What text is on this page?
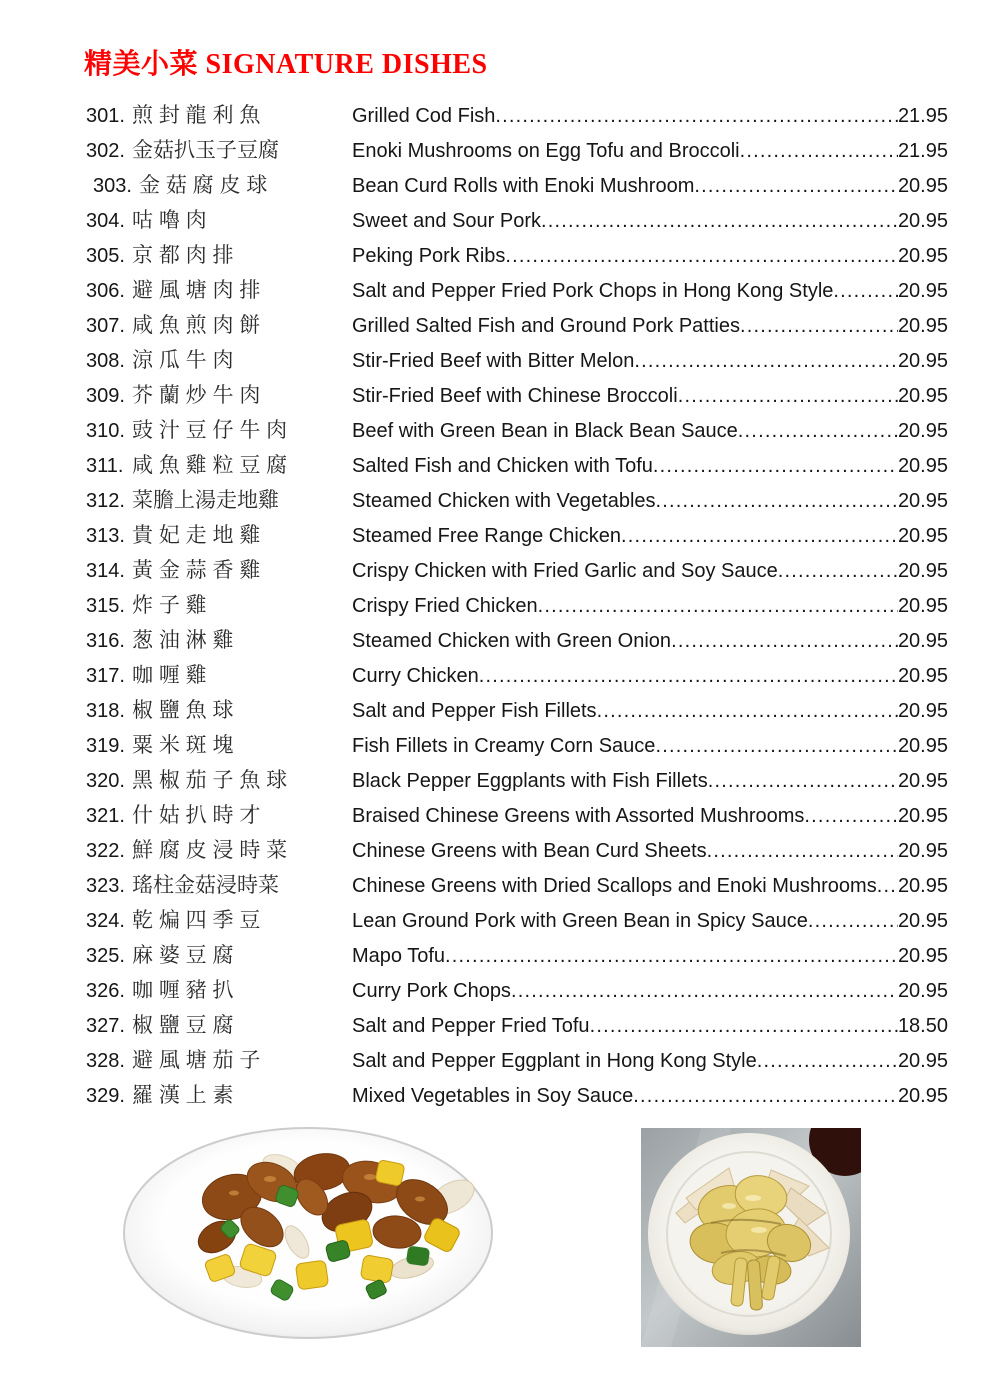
精美小菜 SIGNATURE DISHES
301. 煎 封 龍 利 魚	Grilled Cod Fish .....	21.95
302. 金菇扒玉子豆腐	Enoki Mushrooms on Egg Tofu and Broccoli .....	21.95
303. 金 菇 腐 皮 球	Bean Curd Rolls with Enoki Mushroom .....	20.95
304. 咕 嚕 肉	Sweet and Sour Pork .....	20.95
305. 京 都 肉 排	Peking Pork Ribs .....	20.95
306. 避 風 塘 肉 排	Salt and Pepper Fried Pork Chops in Hong Kong Style .....	20.95
307. 咸 魚 煎 肉 餅	Grilled Salted Fish and Ground Pork Patties .....	20.95
308. 涼 瓜 牛 肉	Stir-Fried Beef with Bitter Melon .....	20.95
309. 芥 蘭 炒 牛 肉	Stir-Fried Beef with Chinese Broccoli .....	20.95
310. 豉 汁 豆 仔 牛 肉	Beef with Green Bean in Black Bean Sauce .....	20.95
311. 咸 魚 雞 粒 豆 腐	Salted Fish and Chicken with Tofu .....	20.95
312. 菜膽上湯走地雞	Steamed Chicken with Vegetables .....	20.95
313. 貴 妃 走 地 雞	Steamed Free Range Chicken .....	20.95
314. 黃 金 蒜 香 雞	Crispy Chicken with Fried Garlic and Soy Sauce .....	20.95
315. 炸 子 雞	Crispy Fried Chicken .....	20.95
316. 葱 油 淋 雞	Steamed Chicken with Green Onion .....	20.95
317. 咖 喱 雞	Curry Chicken .....	20.95
318. 椒 鹽 魚 球	Salt and Pepper Fish Fillets .....	20.95
319. 粟 米 斑 塊	Fish Fillets in Creamy Corn Sauce .....	20.95
320. 黑 椒 茄 子 魚 球	Black Pepper Eggplants with Fish Fillets .....	20.95
321. 什 姑 扒 時 才	Braised Chinese Greens with Assorted Mushrooms .....	20.95
322. 鮮 腐 皮 浸 時 菜	Chinese Greens with Bean Curd Sheets .....	20.95
323. 瑤柱金菇浸時菜	Chinese Greens with Dried Scallops and Enoki Mushrooms ..... 20.95
324. 乾 煸 四 季 豆	Lean Ground Pork with Green Bean in Spicy Sauce .....	20.95
325. 麻 婆 豆 腐	Mapo Tofu .....	20.95
326. 咖 喱 豬 扒	Curry Pork Chops .....	20.95
327. 椒 鹽 豆 腐	Salt and Pepper Fried Tofu .....	18.50
328. 避 風 塘 茄 子	Salt and Pepper Eggplant in Hong Kong Style .....	20.95
329. 羅 漢 上 素	Mixed Vegetables in Soy Sauce .....	20.95
